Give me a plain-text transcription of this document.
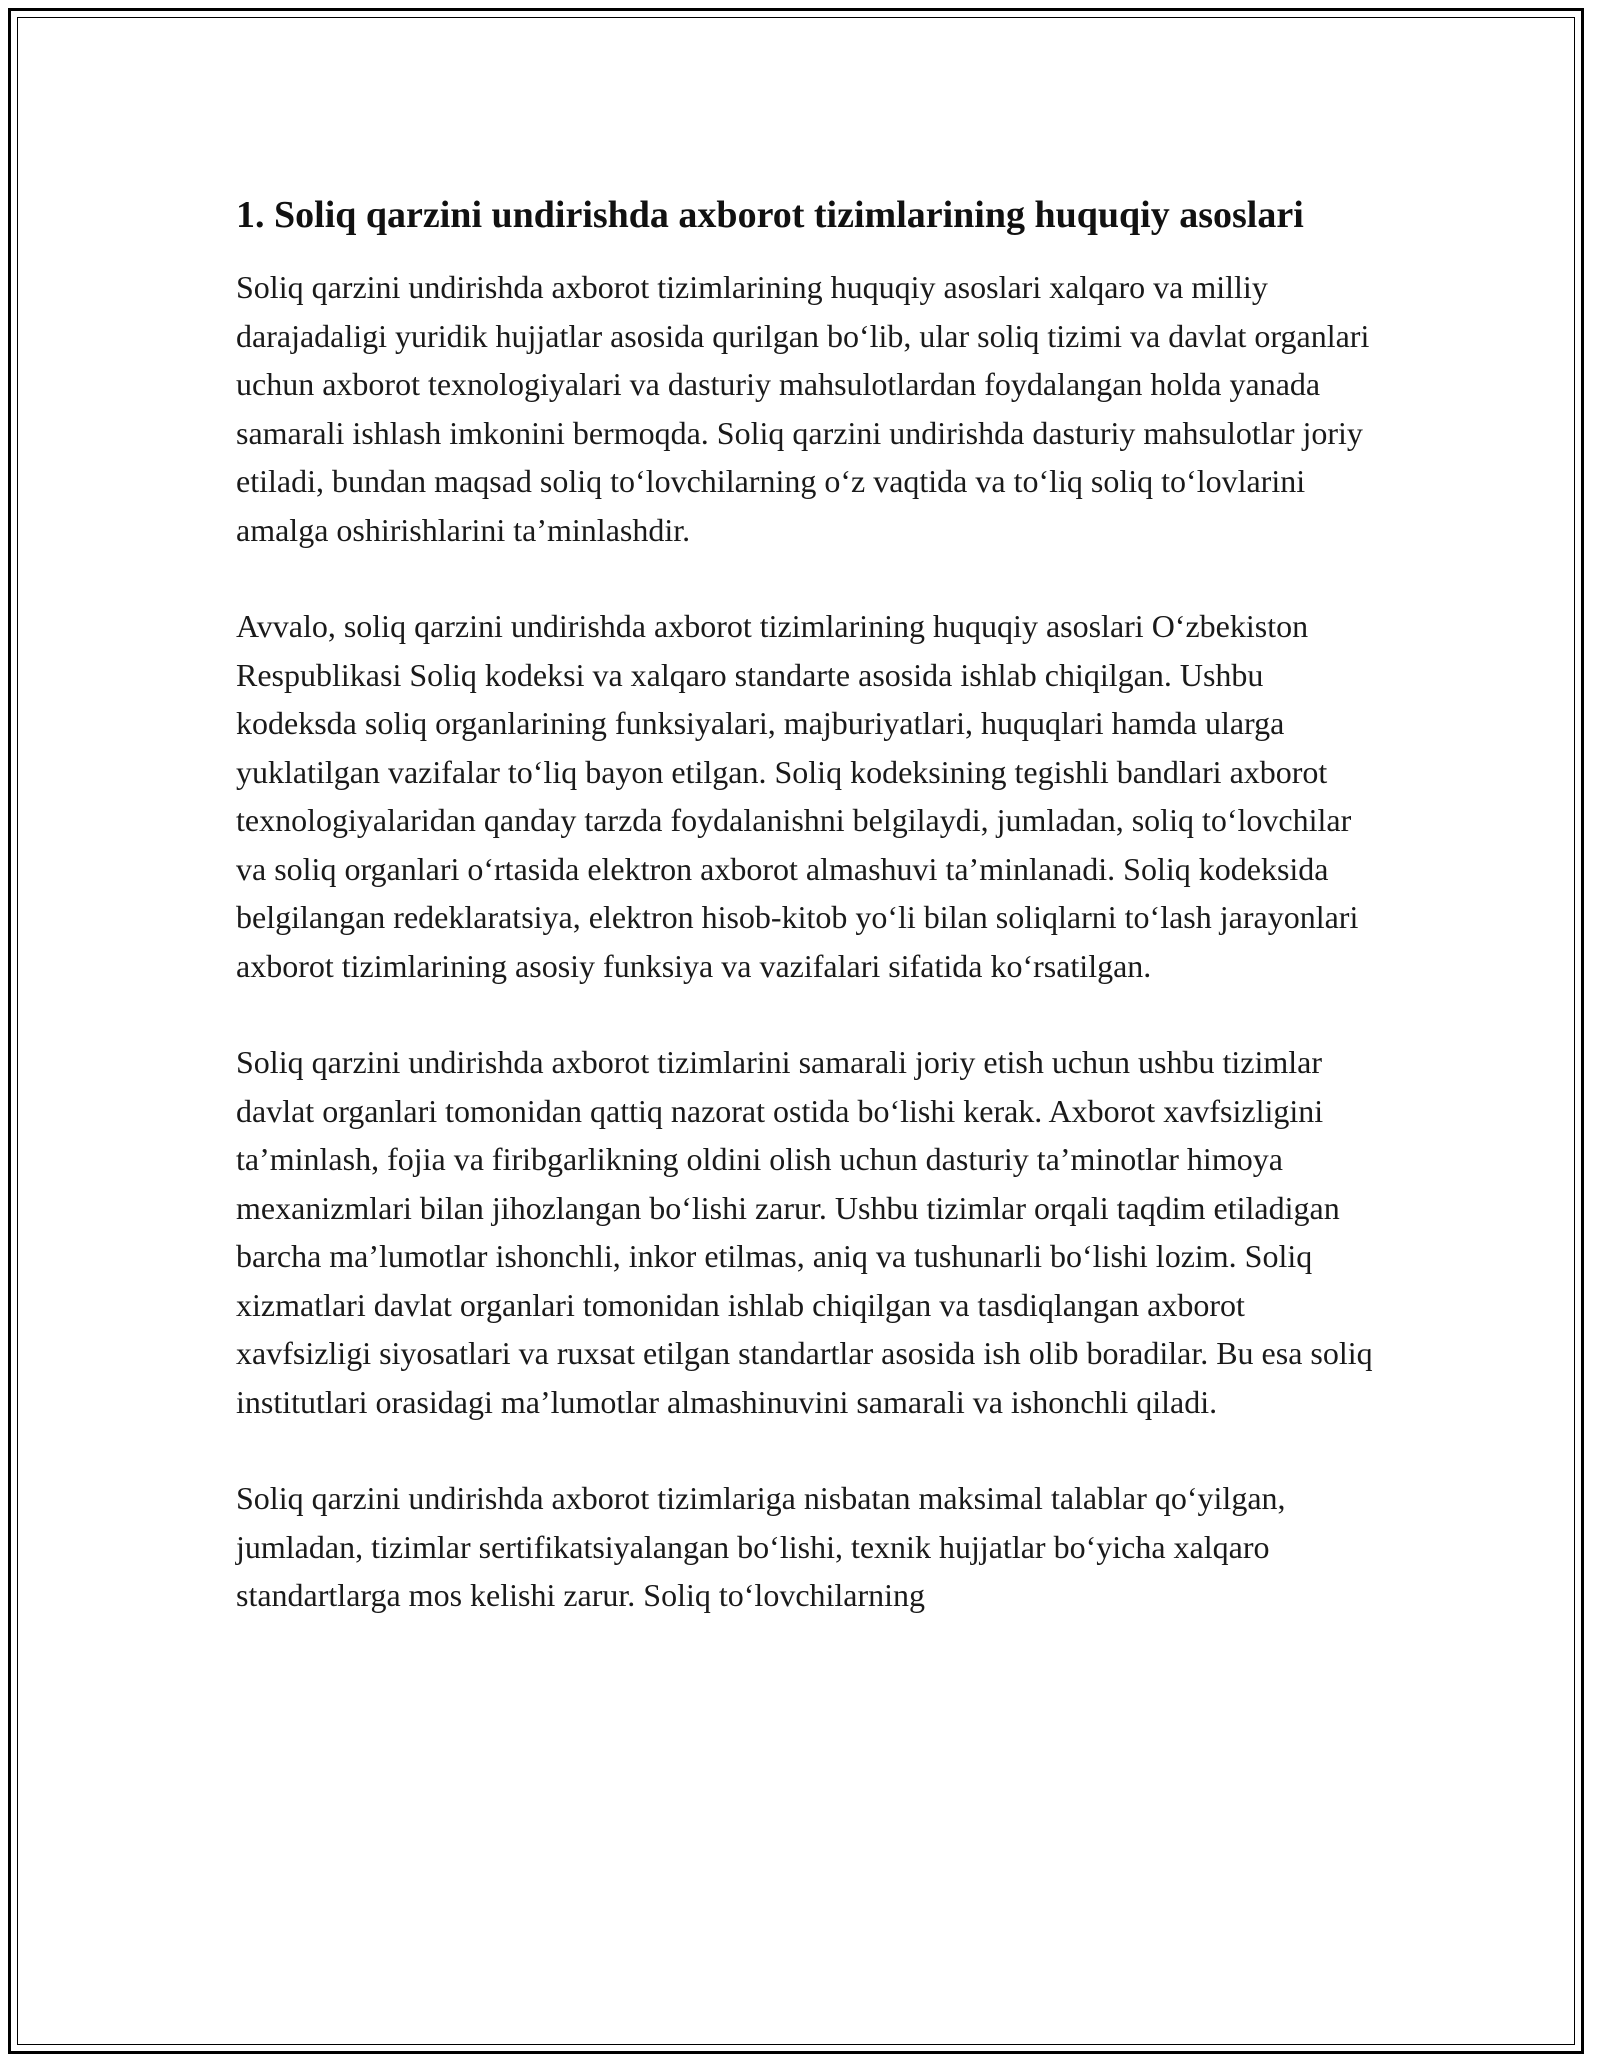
1. Soliq qarzini undirishda axborot tizimlarining huquqiy asoslari

Soliq qarzini undirishda axborot tizimlarining huquqiy asoslari xalqaro va milliy darajadaligi yuridik hujjatlar asosida qurilgan bo‘lib, ular soliq tizimi va davlat organlari uchun axborot texnologiyalari va dasturiy mahsulotlardan foydalangan holda yanada samarali ishlash imkonini bermoqda. Soliq qarzini undirishda dasturiy mahsulotlar joriy etiladi, bundan maqsad soliq to‘lovchilarning o‘z vaqtida va to‘liq soliq to‘lovlarini amalga oshirishlarini ta’minlashdir.

Avvalo, soliq qarzini undirishda axborot tizimlarining huquqiy asoslari O‘zbekiston Respublikasi Soliq kodeksi va xalqaro standarte asosida ishlab chiqilgan. Ushbu kodeksda soliq organlarining funksiyalari, majburiyatlari, huquqlari hamda ularga yuklatilgan vazifalar to‘liq bayon etilgan. Soliq kodeksining tegishli bandlari axborot texnologiyalaridan qanday tarzda foydalanishni belgilaydi, jumladan, soliq to‘lovchilar va soliq organlari o‘rtasida elektron axborot almashuvi ta’minlanadi. Soliq kodeksida belgilangan redeklaratsiya, elektron hisob-kitob yo‘li bilan soliqlarni to‘lash jarayonlari axborot tizimlarining asosiy funksiya va vazifalari sifatida ko‘rsatilgan.

Soliq qarzini undirishda axborot tizimlarini samarali joriy etish uchun ushbu tizimlar davlat organlari tomonidan qattiq nazorat ostida bo‘lishi kerak. Axborot xavfsizligini ta’minlash, fojia va firibgarlikning oldini olish uchun dasturiy ta’minotlar himoya mexanizmlari bilan jihozlangan bo‘lishi zarur. Ushbu tizimlar orqali taqdim etiladigan barcha ma’lumotlar ishonchli, inkor etilmas, aniq va tushunarli bo‘lishi lozim. Soliq xizmatlari davlat organlari tomonidan ishlab chiqilgan va tasdiqlangan axborot xavfsizligi siyosatlari va ruxsat etilgan standartlar asosida ish olib boradilar. Bu esa soliq institutlari orasidagi ma’lumotlar almashinuvini samarali va ishonchli qiladi.

Soliq qarzini undirishda axborot tizimlariga nisbatan maksimal talablar qo‘yilgan, jumladan, tizimlar sertifikatsiyalangan bo‘lishi, texnik hujjatlar bo‘yicha xalqaro standartlarga mos kelishi zarur. Soliq to‘lovchilarning
